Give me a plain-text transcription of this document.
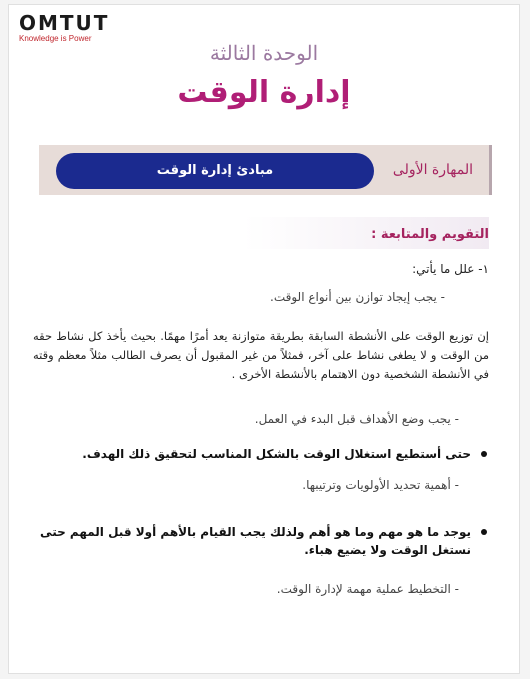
OMTUT
Knowledge is Power
الوحدة الثالثة
إدارة الوقت
المهارة الأولى
مبادئ إدارة الوقت
التقويم والمتابعة :
١- علل ما يأتي:
- يجب إيجاد توازن بين أنواع الوقت.
إن توزيع الوقت على الأنشطة السابقة بطريقة متوازنة يعد أمرًا مهمًا. بحيث يأخذ كل نشاط حقه من الوقت و لا يطغى نشاط على آخر، فمثلاً من غير المقبول أن يصرف الطالب مثلاً معظم وقته في الأنشطة الشخصية دون الاهتمام بالأنشطة الأخرى .
- يجب وضع الأهداف قبل البدء في العمل.
حتى أستطيع استغلال الوقت بالشكل المناسب لتحقيق ذلك الهدف.
- أهمية تحديد الأولويات وترتيبها.
يوجد ما هو مهم وما هو أهم ولذلك يجب القيام بالأهم أولا قبل المهم حتى نستغل الوقت ولا يضيع هباء.
- التخطيط عملية مهمة لإدارة الوقت.
